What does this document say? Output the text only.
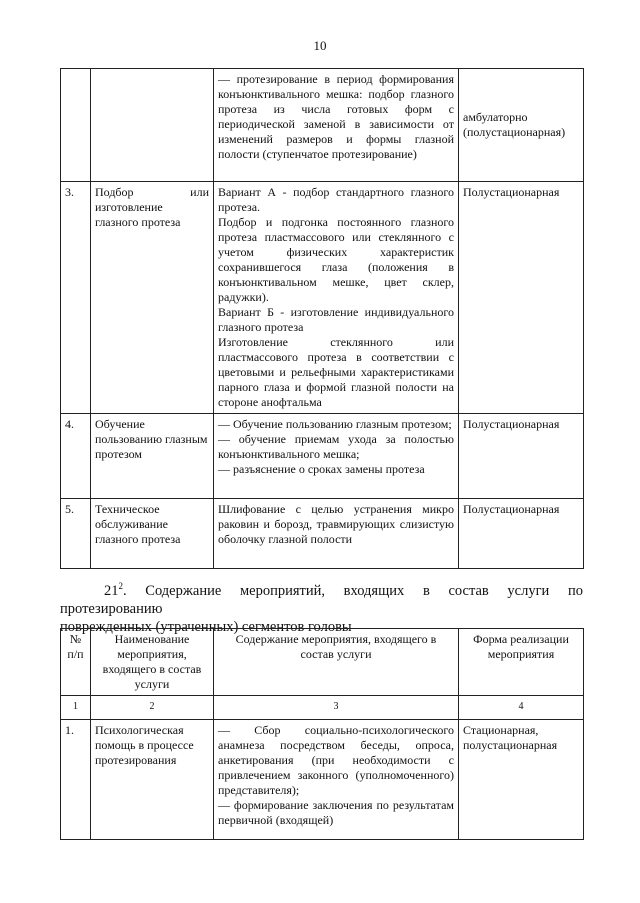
10

		— протезирование в период формирования конъюнктивального мешка: подбор глазного протеза из числа готовых форм с периодической заменой в зависимости от изменений размеров и формы глазной полости (ступенчатое протезирование)	амбулаторно (полустационарная)
3.	Подбор или изготовление глазного протеза	Вариант А - подбор стандартного глазного протеза.
Подбор и подгонка постоянного глазного протеза пластмассового или стеклянного с учетом физических характеристик сохранившегося глаза (положения в конъюнктивальном мешке, цвет склер, радужки).
Вариант Б - изготовление индивидуального глазного протеза
Изготовление стеклянного или пластмассового протеза в соответствии с цветовыми и рельефными характеристиками парного глаза и формой глазной полости на стороне анофтальма	Полустационарная
4.	Обучение пользованию глазным протезом	— Обучение пользованию глазным протезом;
— обучение приемам ухода за полостью конъюнктивального мешка;
— разъяснение о сроках замены протеза	Полустационарная
5.	Техническое обслуживание глазного протеза	Шлифование с целью устранения микро раковин и борозд, травмирующих слизистую оболочку глазной полости	Полустационарная
$21^2$. Содержание мероприятий, входящих в состав услуги по протезированию
поврежденных (утраченных) сегментов головы
№ п/п	Наименование мероприятия, входящего в состав услуги	Содержание мероприятия, входящего в состав услуги	Форма реализации мероприятия
1	2	3	4
1.	Психологическая помощь в процессе протезирования	— Сбор социально-психологического анамнеза посредством беседы, опроса, анкетирования (при необходимости с привлечением законного (уполномоченного) представителя);
— формирование заключения по результатам первичной (входящей)	Стационарная, полустационарная
